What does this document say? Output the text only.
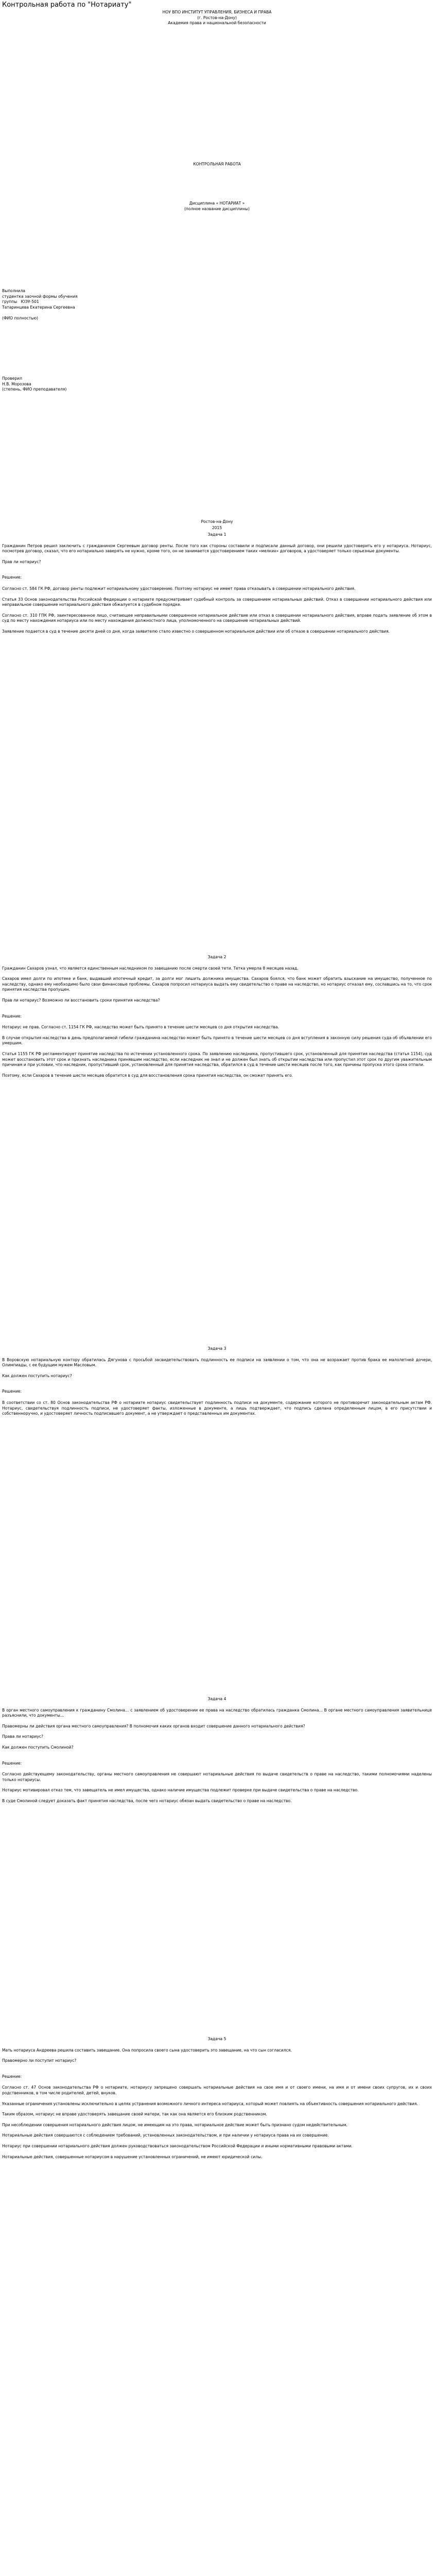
Контрольная работа по "Нотариату"
НОУ ВПО ИНСТИТУТ УПРАВЛЕНИЯ, БИЗНЕСА И ПРАВА
(г. Ростов-на-Дону)
Академия права и национальной безопасности
КОНТРОЛЬНАЯ РАБОТА
Дисциплина « НОТАРИАТ »
(полное название дисциплины)
Выполнила
студентка заочной формы обучения
группы   ЮЭУ-501
Татаринцева Екатерина Сергеевна

(ФИО полностью)
Проверил
Н.В. Морозова
(степень, ФИО преподавателя)
Ростов-на-Дону
2015
Задача 1
Гражданин Петров решил заключить с гражданином Сергеевым договор ренты. После того как стороны составили и подписали данный договор, они решили удостоверить его у нотариуса. Нотариус, посмотрев договор, сказал, что его нотариально заверять не нужно, кроме того, он не занимается удостоверением таких «мелких» договоров, а удостоверяет только серьезные документы.
Прав ли нотариус?
Решение:
Согласно ст. 584 ГК РФ, договор ренты подлежит нотариальному удостоверению. Поэтому нотариус не имеет права отказывать в совершении нотариального действия.
Статья 33 Основ законодательства Российской Федерации о нотариате предусматривает судебный контроль за совершением нотариальных действий. Отказ в совершении нотариального действия или неправильное совершение нотариального действия обжалуется в судебном порядке.
Согласно ст. 310 ГПК РФ, заинтересованное лицо, считающее неправильными совершенное нотариальное действие или отказ в совершении нотариального действия, вправе подать заявление об этом в суд по месту нахождения нотариуса или по месту нахождения должностного лица, уполномоченного на совершение нотариальных действий.
Заявление подается в суд в течение десяти дней со дня, когда заявителю стало известно о совершенном нотариальном действии или об отказе в совершении нотариального действия.
Задача 2
Гражданин Сахаров узнал, что является единственным наследником по завещанию после смерти своей тети. Тетка умерла 8 месяцев назад.
Сахаров имел долги по ипотеке и банк, выдавший ипотечный кредит, за долги мог лишить должника имущества. Сахаров боялся, что банк может обратить взыскание на имущество, полученное по наследству, однако ему необходимо было свои финансовые проблемы. Сахаров попросил нотариуса выдать ему свидетельство о праве на наследство, но нотариус отказал ему, сославшись на то, что срок принятия наследства пропущен.
Прав ли нотариус? Возможно ли восстановить сроки принятия наследства?
Решение:
Нотариус не прав. Согласно ст. 1154 ГК РФ, наследство может быть принято в течение шести месяцев со дня открытия наследства.
В случае открытия наследства в день предполагаемой гибели гражданина наследство может быть принято в течение шести месяцев со дня вступления в законную силу решения суда об объявлении его умершим.
Статья 1155 ГК РФ регламентирует принятие наследства по истечении установленного срока. По заявлению наследника, пропустившего срок, установленный для принятия наследства (статья 1154), суд может восстановить этот срок и признать наследника принявшим наследство, если наследник не знал и не должен был знать об открытии наследства или пропустил этот срок по другим уважительным причинам и при условии, что наследник, пропустивший срок, установленный для принятия наследства, обратился в суд в течение шести месяцев после того, как причины пропуска этого срока отпали.
Поэтому, если Сахаров в течение шести месяцев обратится в суд для восстановления срока принятия наследства, он сможет принять его.
Задача 3
В Воровскую нотариальную контору обратилась Дягунова с просьбой засвидетельствовать подлинность ее подписи на заявлении о том, что она не возражает против брака ее малолетней дочери, Олимпиады, с ее будущим мужем Масловым.
Как должен поступить нотариус?
Решение:
В соответствии со ст. 80 Основ законодательства РФ о нотариате нотариус свидетельствует подлинность подписи на документе, содержание которого не противоречит законодательным актам РФ. Нотариус, свидетельствуя подлинность подписи, не удостоверяет факты, изложенные в документе, а лишь подтверждает, что подпись сделана определенным лицом, в его присутствии и собственноручно, и удостоверяет личность подписавшего документ, а не утверждает о представленных им документах.
Задача 4
В орган местного самоуправления к гражданину Смолина... с заявлением об удостоверении ее права на наследство обратилась гражданка Смолина... В органе местного самоуправления заявительнице разъяснили, что документы...
Правомерны ли действия органа местного самоуправления? В полномочия каких органов входит совершение данного нотариального действия?
Права ли нотариус?
Как должен поступить Смолиной?
Решение:
Согласно действующему законодательству, органы местного самоуправления не совершают нотариальные действия по выдаче свидетельств о праве на наследство, такими полномочиями наделены только нотариусы.
Нотариус мотивировал отказ тем, что завещатель не имел имущества, однако наличие имущества подлежит проверке при выдаче свидетельства о праве на наследство.
В суде Смолиной следует доказать факт принятия наследства, после чего нотариус обязан выдать свидетельство о праве на наследство.
Задача 5
Мать нотариуса Андреева решила составить завещание. Она попросила своего сына удостоверить это завещание, на что сын согласился.
Правомерно ли поступит нотариус?
Решение:
Согласно ст. 47 Основ законодательства РФ о нотариате, нотариусу запрещено совершать нотариальные действия на свое имя и от своего имени, на имя и от имени своих супругов, их и своих родственников, в том числе родителей, детей, внуков.
Указанные ограничения установлены исключительно в целях устранения возможного личного интереса нотариуса, который может повлиять на объективность совершения нотариального действия.
Таким образом, нотариус не вправе удостоверять завещание своей матери, так как она является его близким родственником.
При несоблюдении совершения нотариального действия лицом, не имеющим на это права, нотариальное действие может быть признано судом недействительным.
Нотариальные действия совершаются с соблюдением требований, установленных законодательством, и при наличии у нотариуса права на их совершение.
Нотариус при совершении нотариального действия должен руководствоваться законодательством Российской Федерации и иными нормативными правовыми актами.
Нотариальные действия, совершенные нотариусом в нарушение установленных ограничений, не имеют юридической силы.
